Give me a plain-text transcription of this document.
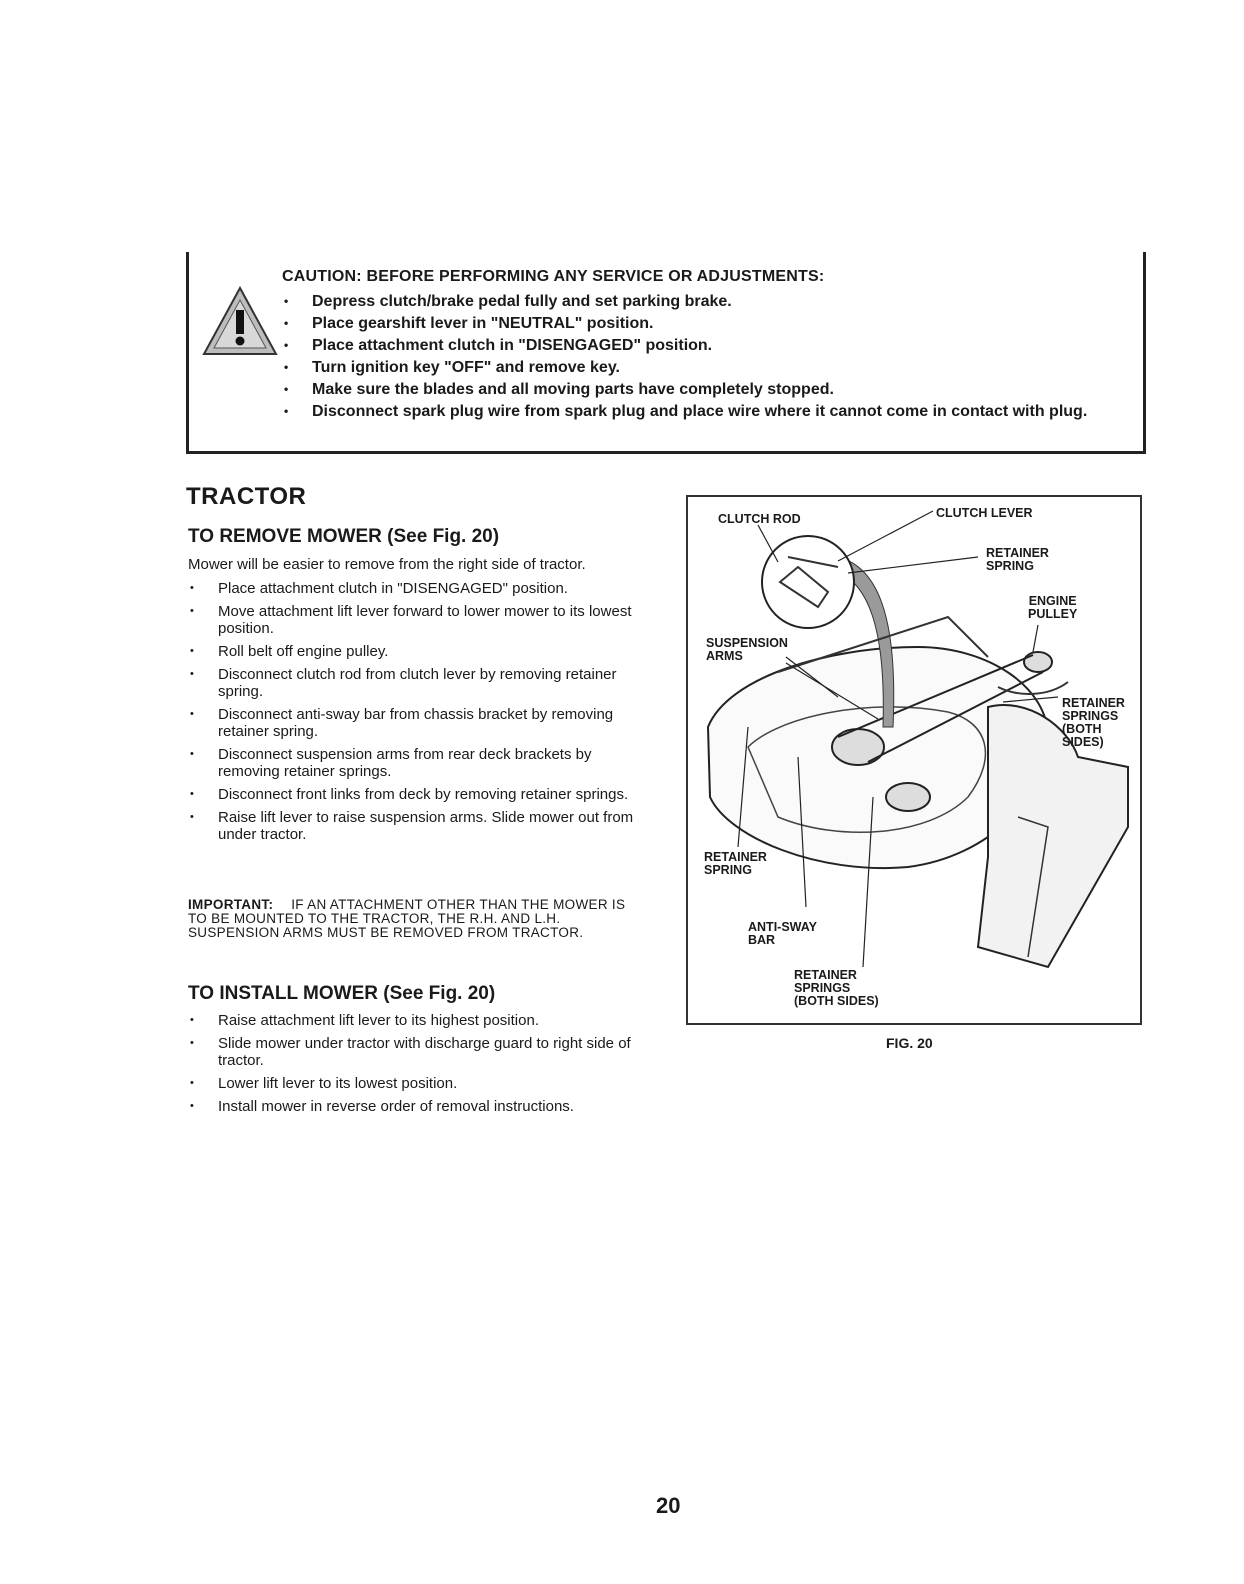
CAUTION: BEFORE PERFORMING ANY SERVICE OR ADJUSTMENTS:
• Depress clutch/brake pedal fully and set parking brake.
• Place gearshift lever in "NEUTRAL" position.
• Place attachment clutch in "DISENGAGED" position.
• Turn ignition key "OFF" and remove key.
• Make sure the blades and all moving parts have completely stopped.
• Disconnect spark plug wire from spark plug and place wire where it cannot come in contact with plug.
TRACTOR
TO REMOVE MOWER (See Fig. 20)
Mower will be easier to remove from the right side of tractor.
• Place attachment clutch in "DISENGAGED" position.
• Move attachment lift lever forward to lower mower to its lowest position.
• Roll belt off engine pulley.
• Disconnect clutch rod from clutch lever by removing retainer spring.
• Disconnect anti-sway bar from chassis bracket by removing retainer spring.
• Disconnect suspension arms from rear deck brackets by removing retainer springs.
• Disconnect front links from deck by removing retainer springs.
• Raise lift lever to raise suspension arms. Slide mower out from under tractor.
IMPORTANT: IF AN ATTACHMENT OTHER THAN THE MOWER IS TO BE MOUNTED TO THE TRACTOR, THE R.H. AND L.H. SUSPENSION ARMS MUST BE REMOVED FROM TRACTOR.
TO INSTALL MOWER (See Fig. 20)
• Raise attachment lift lever to its highest position.
• Slide mower under tractor with discharge guard to right side of tractor.
• Lower lift lever to its lowest position.
• Install mower in reverse order of removal instructions.
CLUTCH ROD	CLUTCH LEVER
RETAINER
SPRING
ENGINE
PULLEY
SUSPENSION
ARMS
RETAINER
SPRINGS
(BOTH
SIDES)
RETAINER
SPRING
ANTI-SWAY
BAR
RETAINER
SPRINGS
(BOTH SIDES)
FIG. 20
20
